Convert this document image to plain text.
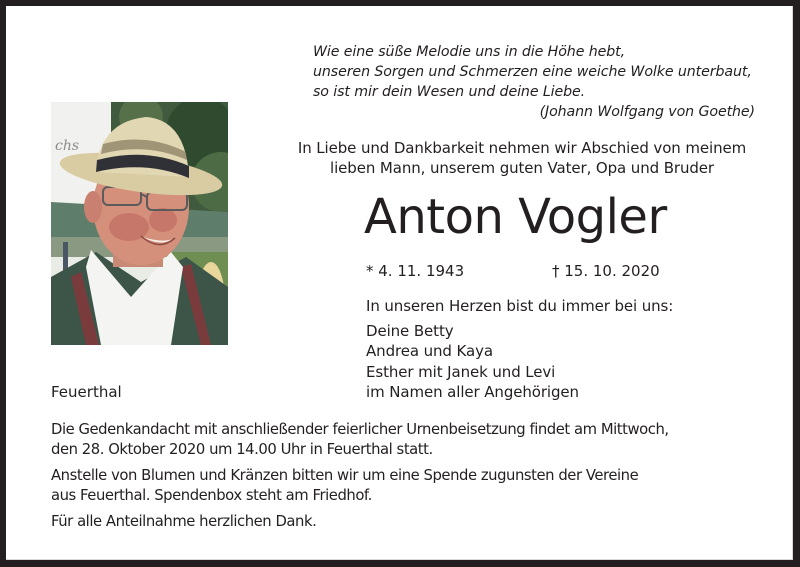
Wie eine süße Melodie uns in die Höhe hebt,
unseren Sorgen und Schmerzen eine weiche Wolke unterbaut,
so ist mir dein Wesen und deine Liebe.
(Johann Wolfgang von Goethe)
chs	In Liebe und Dankbarkeit nehmen wir Abschied von meinem
lieben Mann, unserem guten Vater, Opa und Bruder
Anton Vogler
* 4. 11. 1943	† 15. 10. 2020
In unseren Herzen bist du immer bei uns:
Deine Betty
Andrea und Kaya
Esther mit Janek und Levi
im Namen aller Angehörigen
Feuerthal

Die Gedenkandacht mit anschließender feierlicher Urnenbeisetzung findet am Mittwoch,
den 28. Oktober 2020 um 14.00 Uhr in Feuerthal statt.

Anstelle von Blumen und Kränzen bitten wir um eine Spende zugunsten der Vereine
aus Feuerthal. Spendenbox steht am Friedhof.

Für alle Anteilnahme herzlichen Dank.
